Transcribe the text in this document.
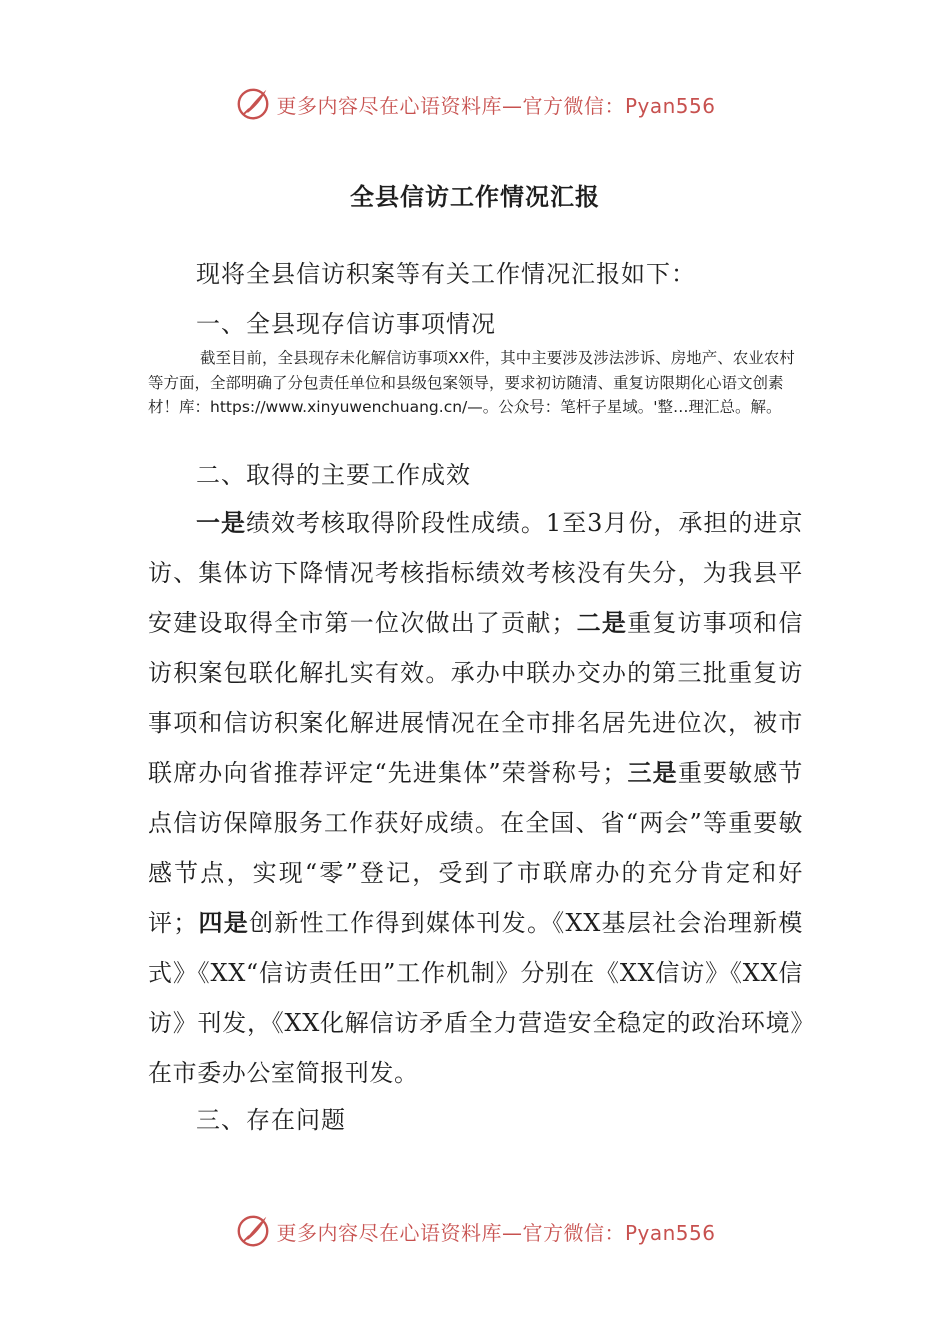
更多内容尽在心语资料库—官方微信：Pyan556
全县信访工作情况汇报
现将全县信访积案等有关工作情况汇报如下：
一、全县现存信访事项情况
截至目前，全县现存未化解信访事项XX件，其中主要涉及涉法涉诉、房地产、农业农村等方面，全部明确了分包责任单位和县级包案领导，要求初访随清、重复访限期化心语文创素材！库：https://www.xinyuwenchuang.cn/—。公众号：笔杆子星域。'整…理汇总。解。
二、取得的主要工作成效
一是绩效考核取得阶段性成绩。1至3月份，承担的进京访、集体访下降情况考核指标绩效考核没有失分，为我县平安建设取得全市第一位次做出了贡献；二是重复访事项和信访积案包联化解扎实有效。承办中联办交办的第三批重复访事项和信访积案化解进展情况在全市排名居先进位次，被市联席办向省推荐评定“先进集体”荣誉称号；三是重要敏感节点信访保障服务工作获好成绩。在全国、省“两会”等重要敏感节点，实现“零”登记，受到了市联席办的充分肯定和好评；四是创新性工作得到媒体刊发。《XX基层社会治理新模式》《XX“信访责任田”工作机制》分别在《XX信访》《XX信访》刊发，《XX化解信访矛盾全力营造安全稳定的政治环境》在市委办公室简报刊发。
三、存在问题
更多内容尽在心语资料库—官方微信：Pyan556
